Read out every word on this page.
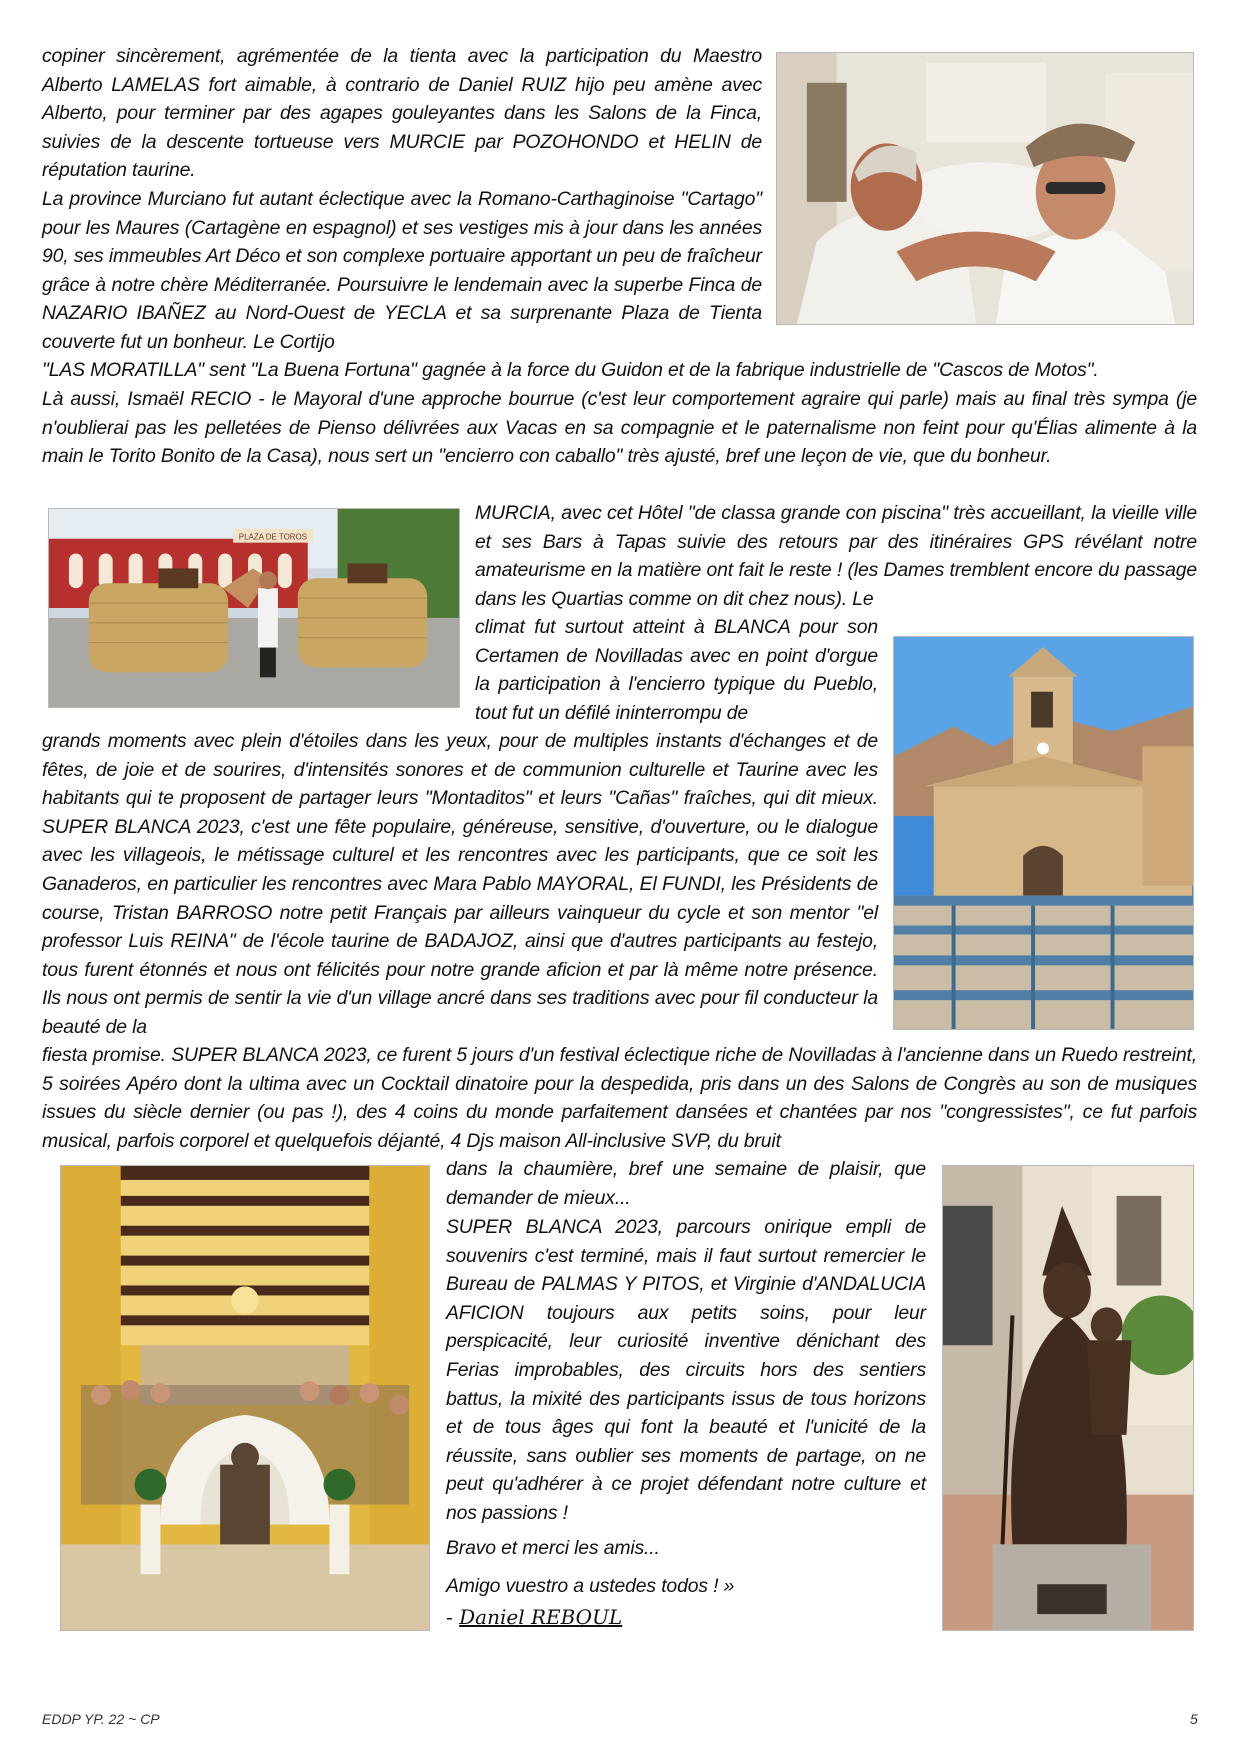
copiner sincèrement, agrémentée de la tienta avec la participation du Maestro Alberto LAMELAS fort aimable, à contrario de Daniel RUIZ hijo peu amène avec Alberto, pour terminer par des agapes gouleyantes dans les Salons de la Finca, suivies de la descente tortueuse vers MURCIE par POZOHONDO et HELIN de réputation taurine.
La province Murciano fut autant éclectique avec la Romano-Carthaginoise "Cartago" pour les Maures (Cartagène en espagnol) et ses vestiges mis à jour dans les années 90, ses immeubles Art Déco et son complexe portuaire apportant un peu de fraîcheur grâce à notre chère Méditerranée. Poursuivre le lendemain avec la superbe Finca de NAZARIO IBAÑEZ au Nord-Ouest de YECLA et sa surprenante Plaza de Tienta couverte fut un bonheur. Le Cortijo
"LAS MORATILLA" sent "La Buena Fortuna" gagnée à la force du Guidon et de la fabrique industrielle de "Cascos de Motos".
Là aussi, Ismaël RECIO - le Mayoral d'une approche bourrue (c'est leur comportement agraire qui parle) mais au final très sympa (je n'oublierai pas les pelletées de Pienso délivrées aux Vacas en sa compagnie et le paternalisme non feint pour qu'Élias alimente à la main le Torito Bonito de la Casa), nous sert un "encierro con caballo" très ajusté, bref une leçon de vie, que du bonheur.
MURCIA, avec cet Hôtel "de classa grande con piscina" très accueillant, la vieille ville et ses Bars à Tapas suivie des retours par des itinéraires GPS révélant notre amateurisme en la matière ont fait le reste ! (les Dames tremblent encore du passage dans les Quartias comme on dit chez nous). Le
climat fut surtout atteint à BLANCA pour son Certamen de Novilladas avec en point d'orgue la participation à l'encierro typique du Pueblo, tout fut un défilé ininterrompu de
grands moments avec plein d'étoiles dans les yeux, pour de multiples instants d'échanges et de fêtes, de joie et de sourires, d'intensités sonores et de communion culturelle et Taurine avec les habitants qui te proposent de partager leurs "Montaditos" et leurs "Cañas" fraîches, qui dit mieux. SUPER BLANCA 2023, c'est une fête populaire, généreuse, sensitive, d'ouverture, ou le dialogue avec les villageois, le métissage culturel et les rencontres avec les participants, que ce soit les Ganaderos, en particulier les rencontres avec Mara Pablo MAYORAL, El FUNDI, les Présidents de course, Tristan BARROSO notre petit Français par ailleurs vainqueur du cycle et son mentor "el professor Luis REINA" de l'école taurine de BADAJOZ, ainsi que d'autres participants au festejo, tous furent étonnés et nous ont félicités pour notre grande aficion et par là même notre présence. Ils nous ont permis de sentir la vie d'un village ancré dans ses traditions avec pour fil conducteur la beauté de la
fiesta promise. SUPER BLANCA 2023, ce furent 5 jours d'un festival éclectique riche de Novilladas à l'ancienne dans un Ruedo restreint, 5 soirées Apéro dont la ultima avec un Cocktail dinatoire pour la despedida, pris dans un des Salons de Congrès au son de musiques issues du siècle dernier (ou pas !), des 4 coins du monde parfaitement dansées et chantées par nos "congressistes", ce fut parfois musical, parfois corporel et quelquefois déjanté, 4 Djs maison All-inclusive SVP, du bruit
dans la chaumière, bref une semaine de plaisir, que demander de mieux...
SUPER BLANCA 2023, parcours onirique empli de souvenirs c'est terminé, mais il faut surtout remercier le Bureau de PALMAS Y PITOS, et Virginie d'ANDALUCIA AFICION toujours aux petits soins, pour leur perspicacité, leur curiosité inventive dénichant des Ferias improbables, des circuits hors des sentiers battus, la mixité des participants issus de tous horizons et de tous âges qui font la beauté et l'unicité de la réussite, sans oublier ses moments de partage, on ne peut qu'adhérer à ce projet défendant notre culture et nos passions !
Bravo et merci les amis...
Amigo vuestro a ustedes todos ! »
- Daniel REBOUL
PLAZA DE TOROS
EDDP YP. 22 ~ CP	5
